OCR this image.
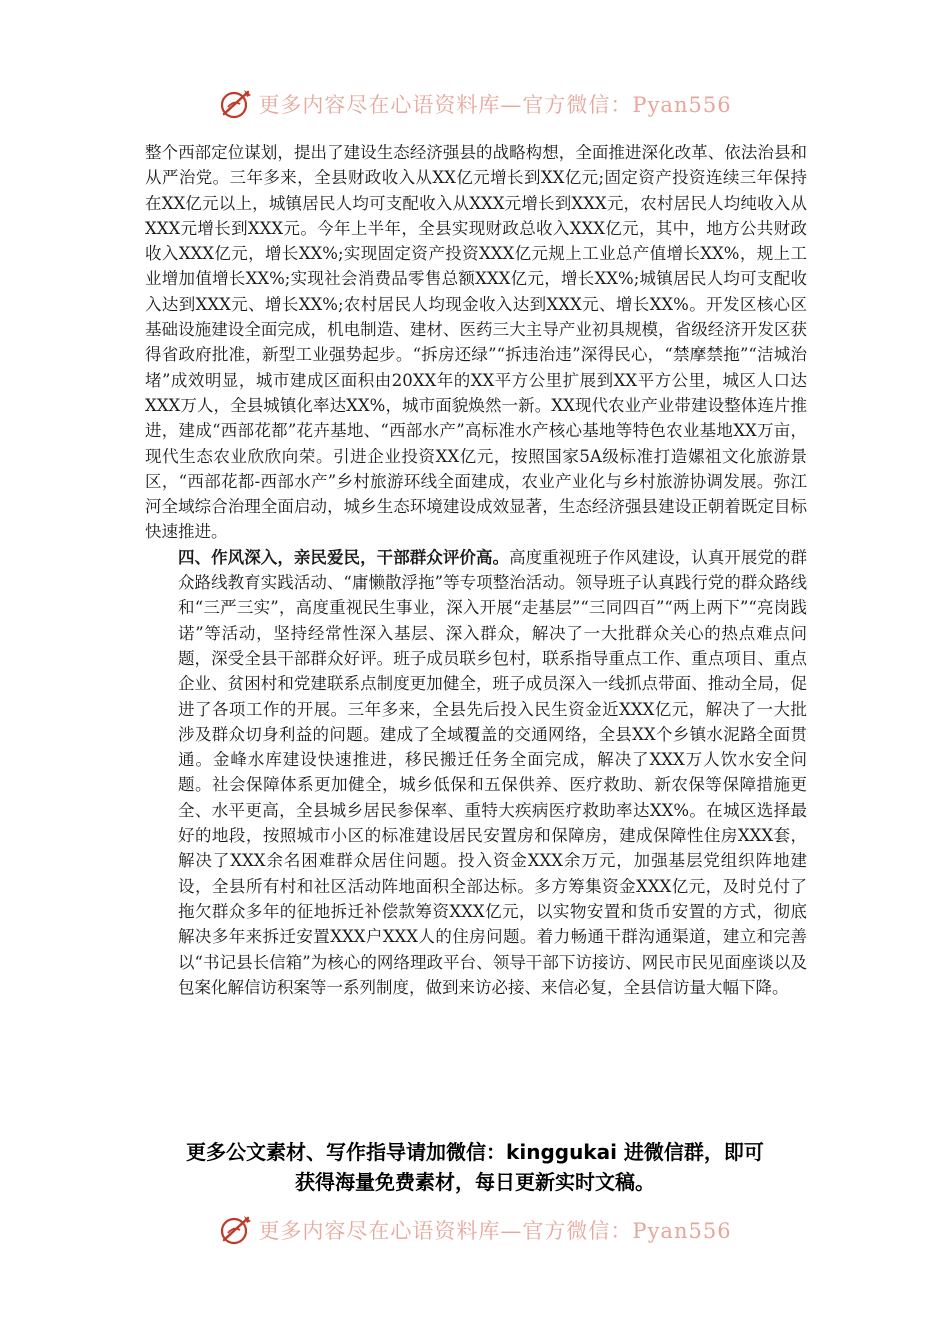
更多内容尽在心语资料库—官方微信：Pyan556

整个西部定位谋划，提出了建设生态经济强县的战略构想，全面推进深化改革、依法治县和从严治党。三年多来，全县财政收入从XX亿元增长到XX亿元;固定资产投资连续三年保持在XX亿元以上，城镇居民人均可支配收入从XXX元增长到XXX元，农村居民人均纯收入从XXX元增长到XXX元。今年上半年，全县实现财政总收入XXX亿元，其中，地方公共财政收入XXX亿元，增长XX%;实现固定资产投资XXX亿元规上工业总产值增长XX%，规上工业增加值增长XX%;实现社会消费品零售总额XXX亿元，增长XX%;城镇居民人均可支配收入达到XXX元、增长XX%;农村居民人均现金收入达到XXX元、增长XX%。开发区核心区基础设施建设全面完成，机电制造、建材、医药三大主导产业初具规模，省级经济开发区获得省政府批准，新型工业强势起步。“拆房还绿”“拆违治违”深得民心，“禁摩禁拖”“洁城治堵”成效明显，城市建成区面积由20XX年的XX平方公里扩展到XX平方公里，城区人口达XXX万人，全县城镇化率达XX%，城市面貌焕然一新。XX现代农业产业带建设整体连片推进，建成“西部花都”花卉基地、“西部水产”高标准水产核心基地等特色农业基地XX万亩，现代生态农业欣欣向荣。引进企业投资XX亿元，按照国家5A级标准打造嫘祖文化旅游景区，“西部花都-西部水产”乡村旅游环线全面建成，农业产业化与乡村旅游协调发展。弥江河全域综合治理全面启动，城乡生态环境建设成效显著，生态经济强县建设正朝着既定目标快速推进。

四、作风深入，亲民爱民，干部群众评价高。高度重视班子作风建设，认真开展党的群众路线教育实践活动、“庸懒散浮拖”等专项整治活动。领导班子认真践行党的群众路线和“三严三实”，高度重视民生事业，深入开展“走基层”“三同四百”“两上两下”“亮岗践诺”等活动，坚持经常性深入基层、深入群众，解决了一大批群众关心的热点难点问题，深受全县干部群众好评。班子成员联乡包村，联系指导重点工作、重点项目、重点企业、贫困村和党建联系点制度更加健全，班子成员深入一线抓点带面、推动全局，促进了各项工作的开展。三年多来，全县先后投入民生资金近XXX亿元，解决了一大批涉及群众切身利益的问题。建成了全域覆盖的交通网络，全县XX个乡镇水泥路全面贯通。金峰水库建设快速推进，移民搬迁任务全面完成，解决了XXX万人饮水安全问题。社会保障体系更加健全，城乡低保和五保供养、医疗救助、新农保等保障措施更全、水平更高，全县城乡居民参保率、重特大疾病医疗救助率达XX%。在城区选择最好的地段，按照城市小区的标准建设居民安置房和保障房，建成保障性住房XXX套，解决了XXX余名困难群众居住问题。投入资金XXX余万元，加强基层党组织阵地建设，全县所有村和社区活动阵地面积全部达标。多方筹集资金XXX亿元，及时兑付了拖欠群众多年的征地拆迁补偿款筹资XXX亿元，以实物安置和货币安置的方式，彻底解决多年来拆迁安置XXX户XXX人的住房问题。着力畅通干群沟通渠道，建立和完善以“书记县长信箱”为核心的网络理政平台、领导干部下访接访、网民市民见面座谈以及包案化解信访积案等一系列制度，做到来访必接、来信必复，全县信访量大幅下降。

更多公文素材、写作指导请加微信：kinggukai 进微信群，即可
获得海量免费素材，每日更新实时文稿。
更多内容尽在心语资料库—官方微信：Pyan556
